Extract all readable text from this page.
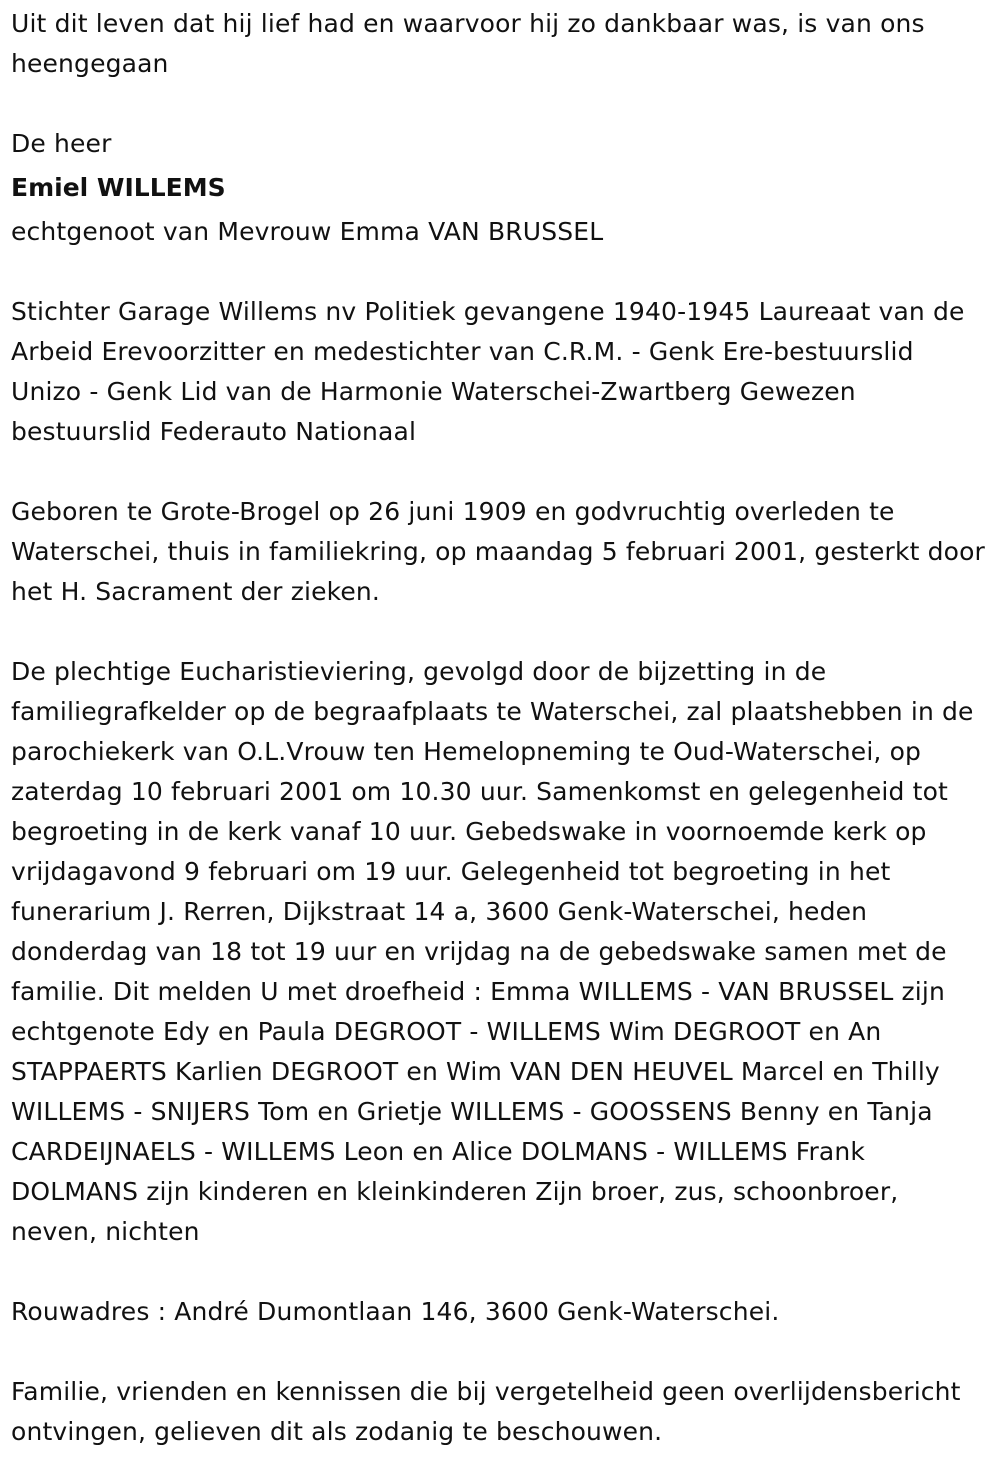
Uit dit leven dat hij lief had en waarvoor hij zo dankbaar was, is van ons heengegaan

De heer

Emiel WILLEMS

echtgenoot van Mevrouw Emma VAN BRUSSEL

Stichter Garage Willems nv Politiek gevangene 1940-1945 Laureaat van de Arbeid Erevoorzitter en medestichter van C.R.M. - Genk Ere-bestuurslid Unizo - Genk Lid van de Harmonie Waterschei-Zwartberg Gewezen bestuurslid Federauto Nationaal

Geboren te Grote-Brogel op 26 juni 1909 en godvruchtig overleden te Waterschei, thuis in familiekring, op maandag 5 februari 2001, gesterkt door het H. Sacrament der zieken.

De plechtige Eucharistieviering, gevolgd door de bijzetting in de familiegrafkelder op de begraafplaats te Waterschei, zal plaatshebben in de parochiekerk van O.L.Vrouw ten Hemelopneming te Oud-Waterschei, op zaterdag 10 februari 2001 om 10.30 uur. Samenkomst en gelegenheid tot begroeting in de kerk vanaf 10 uur. Gebedswake in voornoemde kerk op vrijdagavond 9 februari om 19 uur. Gelegenheid tot begroeting in het funerarium J. Rerren, Dijkstraat 14 a, 3600 Genk-Waterschei, heden donderdag van 18 tot 19 uur en vrijdag na de gebedswake samen met de familie. Dit melden U met droefheid : Emma WILLEMS - VAN BRUSSEL zijn echtgenote Edy en Paula DEGROOT - WILLEMS Wim DEGROOT en An STAPPAERTS Karlien DEGROOT en Wim VAN DEN HEUVEL Marcel en Thilly WILLEMS - SNIJERS Tom en Grietje WILLEMS - GOOSSENS Benny en Tanja CARDEIJNAELS - WILLEMS Leon en Alice DOLMANS - WILLEMS Frank DOLMANS zijn kinderen en kleinkinderen Zijn broer, zus, schoonbroer, neven, nichten

Rouwadres : André Dumontlaan 146, 3600 Genk-Waterschei.

Familie, vrienden en kennissen die bij vergetelheid geen overlijdensbericht ontvingen, gelieven dit als zodanig te beschouwen.
